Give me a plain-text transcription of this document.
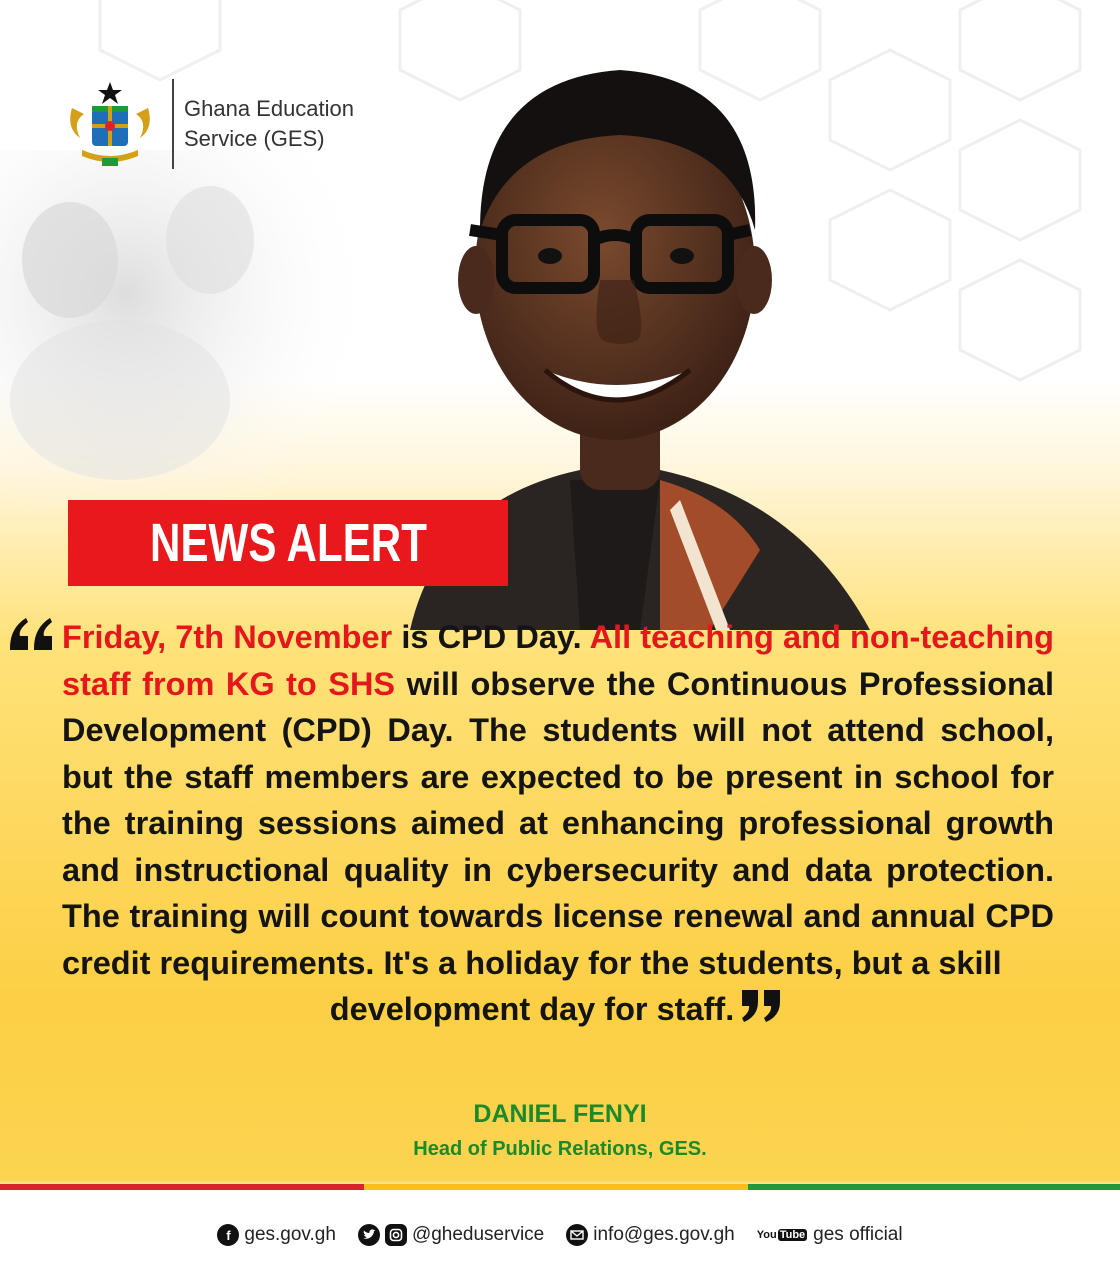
Ghana Education
Service (GES)
NEWS ALERT
Friday, 7th November is CPD Day. All teaching and non-teaching staff from KG to SHS will observe the Continuous Professional Development (CPD) Day. The students will not attend school, but the staff members are expected to be present in school for the training sessions aimed at enhancing professional growth and instructional quality in cybersecurity and data protection. The training will count towards license renewal and annual CPD credit requirements. It's a holiday for the students, but a skill
development day for staff.
DANIEL FENYI
Head of Public Relations, GES.
f ges.gov.gh	@gheduservice	info@ges.gov.gh You Tube ges official
